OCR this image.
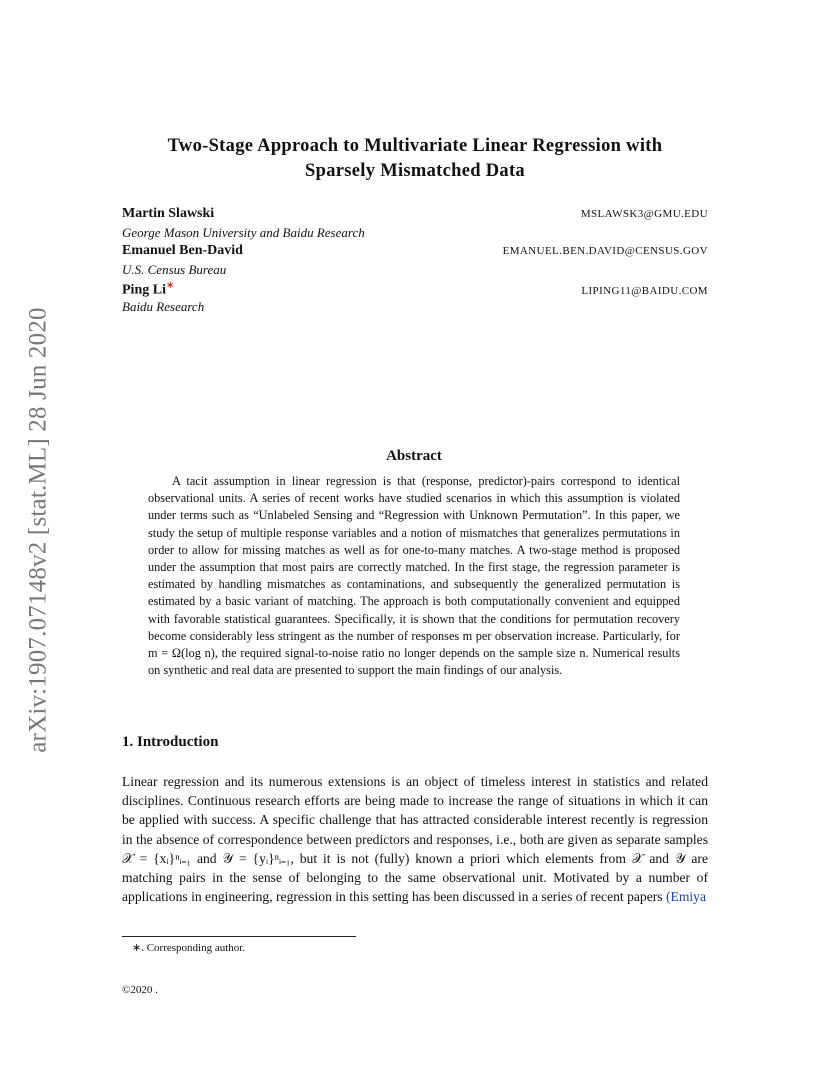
arXiv:1907.07148v2 [stat.ML] 28 Jun 2020
Two-Stage Approach to Multivariate Linear Regression with
Sparsely Mismatched Data
Martin Slawski	MSLAWSK3@GMU.EDU
George Mason University and Baidu Research
Emanuel Ben-David	EMANUEL.BEN.DAVID@CENSUS.GOV
U.S. Census Bureau
Ping Li∗	LIPING11@BAIDU.COM
Baidu Research
Abstract

A tacit assumption in linear regression is that (response, predictor)-pairs correspond to identical observational units. A series of recent works have studied scenarios in which this assumption is violated under terms such as “Unlabeled Sensing and “Regression with Unknown Permutation”. In this paper, we study the setup of multiple response variables and a notion of mismatches that generalizes permutations in order to allow for missing matches as well as for one-to-many matches. A two-stage method is proposed under the assumption that most pairs are correctly matched. In the first stage, the regression parameter is estimated by handling mismatches as contaminations, and subsequently the generalized permutation is estimated by a basic variant of matching. The approach is both computationally convenient and equipped with favorable statistical guarantees. Specifically, it is shown that the conditions for permutation recovery become considerably less stringent as the number of responses m per observation increase. Particularly, for m = Ω(log n), the required signal-to-noise ratio no longer depends on the sample size n. Numerical results on synthetic and real data are presented to support the main findings of our analysis.

1. Introduction

Linear regression and its numerous extensions is an object of timeless interest in statistics and related disciplines. Continuous research efforts are being made to increase the range of situations in which it can be applied with success. A specific challenge that has attracted considerable interest recently is regression in the absence of correspondence between predictors and responses, i.e., both are given as separate samples 𝒳 = {xᵢ}ⁿᵢ₌₁ and 𝒴 = {yᵢ}ⁿᵢ₌₁, but it is not (fully) known a priori which elements from 𝒳 and 𝒴 are matching pairs in the sense of belonging to the same observational unit. Motivated by a number of applications in engineering, regression in this setting has been discussed in a series of recent papers (Emiya

∗. Corresponding author.
©2020 .
